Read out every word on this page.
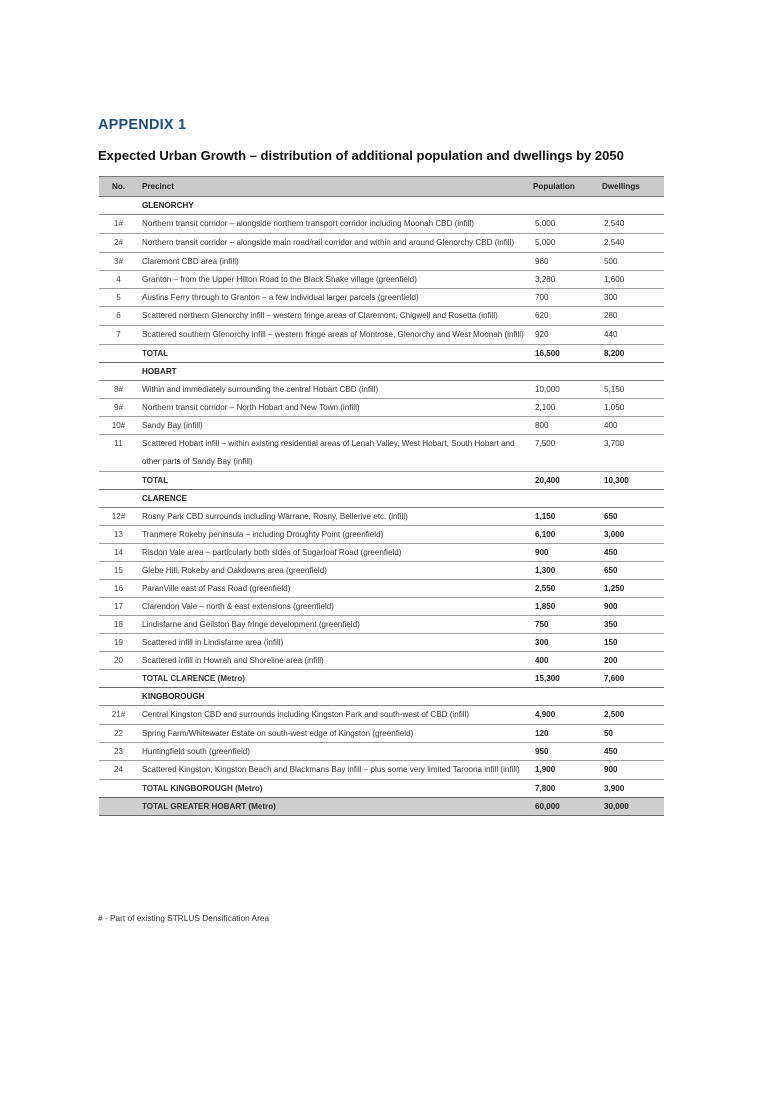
APPENDIX 1
Expected Urban Growth – distribution of additional population and dwellings by 2050
No.	Precinct	Population	Dwellings
	GLENORCHY		
1#	Northern transit corridor – alongside northern transport corridor including Moonah CBD (infill)	5,000	2,540
2#	Northern transit corridor – alongside main road/rail corridor and within and around Glenorchy CBD (infill)	5,000	2,540
3#	Claremont CBD area (infill)	980	500
4	Granton – from the Upper Hilton Road to the Black Snake village (greenfield)	3,280	1,600
5	Austins Ferry through to Granton – a few individual larger parcels (greenfield)	700	300
6	Scattered northern Glenorchy infill – western fringe areas of Claremont, Chigwell and Rosetta (infill)	620	280
7	Scattered southern Glenorchy infill – western fringe areas of Montrose, Glenorchy and West Moonah (infill)	920	440
	TOTAL	16,500	8,200
	HOBART		
8#	Within and immediately surrounding the central Hobart CBD (infill)	10,000	5,150
9#	Northern transit corridor – North Hobart and New Town (infill)	2,100	1,050
10#	Sandy Bay (infill)	800	400
11	Scattered Hobart infill – within existing residential areas of Lenah Valley, West Hobart, South Hobart and other parts of Sandy Bay (infill)	7,500	3,700
	TOTAL	20,400	10,300
	CLARENCE		
12#	Rosny Park CBD surrounds including Warrane, Rosny, Bellerive etc. (infill)	1,150	650
13	Tranmere Rokeby peninsula – including Droughty Point (greenfield)	6,100	3,000
14	Risdon Vale area – particularly both sides of Sugarloaf Road (greenfield)	900	450
15	Glebe Hill, Rokeby and Oakdowns area (greenfield)	1,300	650
16	ParanVille east of Pass Road (greenfield)	2,550	1,250
17	Clarendon Vale – north & east extensions (greenfield)	1,850	900
18	Lindisfarne and Geilston Bay fringe development (greenfield)	750	350
19	Scattered infill in Lindisfarne area (infill)	300	150
20	Scattered infill in Howrah and Shoreline area (infill)	400	200
	TOTAL CLARENCE (Metro)	15,300	7,600
	KINGBOROUGH		
21#	Central Kingston CBD and surrounds including Kingston Park and south-west of CBD (infill)	4,900	2,500
22	Spring Farm/Whitewater Estate on south-west edge of Kingston (greenfield)	120	50
23	Huntingfield south (greenfield)	950	450
24	Scattered Kingston, Kingston Beach and Blackmans Bay infill – plus some very limited Taroona infill (infill)	1,900	900
	TOTAL KINGBOROUGH (Metro)	7,800	3,900
	TOTAL GREATER HOBART (Metro)	60,000	30,000

# - Part of existing STRLUS Densification Area
